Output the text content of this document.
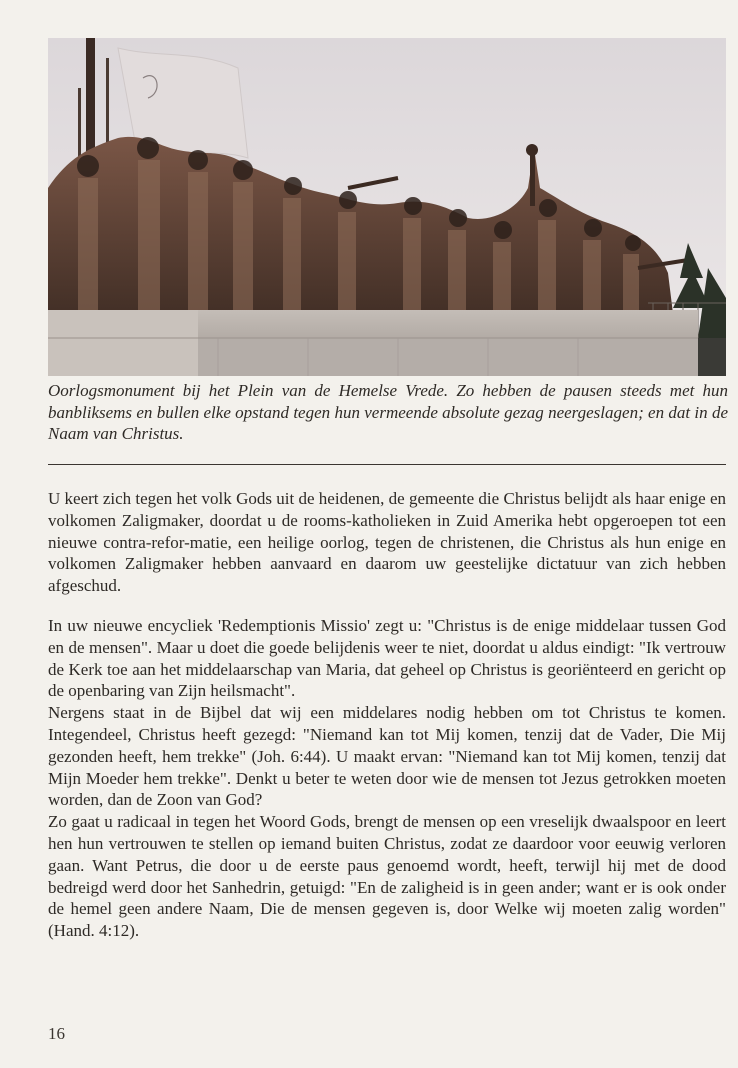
Oorlogsmonument bij het Plein van de Hemelse Vrede. Zo hebben de pausen steeds met hun banbliksems en bullen elke opstand tegen hun vermeende absolute gezag neergeslagen; en dat in de Naam van Christus.

U keert zich tegen het volk Gods uit de heidenen, de gemeente die Christus belijdt als haar enige en volkomen Zaligmaker, doordat u de rooms-katholieken in Zuid Amerika hebt opgeroepen tot een nieuwe contra-refor-matie, een heilige oorlog, tegen de christenen, die Christus als hun enige en volkomen Zaligmaker hebben aanvaard en daarom uw geestelijke dictatuur van zich hebben afgeschud.

In uw nieuwe encycliek 'Redemptionis Missio' zegt u: "Christus is de enige middelaar tussen God en de mensen". Maar u doet die goede belijdenis weer te niet, doordat u aldus eindigt: "Ik vertrouw de Kerk toe aan het middelaarschap van Maria, dat geheel op Christus is georiënteerd en gericht op de openbaring van Zijn heilsmacht".

Nergens staat in de Bijbel dat wij een middelares nodig hebben om tot Christus te komen. Integendeel, Christus heeft gezegd: "Niemand kan tot Mij komen, tenzij dat de Vader, Die Mij gezonden heeft, hem trekke" (Joh. 6:44). U maakt ervan: "Niemand kan tot Mij komen, tenzij dat Mijn Moeder hem trekke". Denkt u beter te weten door wie de mensen tot Jezus getrokken moeten worden, dan de Zoon van God?

Zo gaat u radicaal in tegen het Woord Gods, brengt de mensen op een vreselijk dwaalspoor en leert hen hun vertrouwen te stellen op iemand buiten Christus, zodat ze daardoor voor eeuwig verloren gaan. Want Petrus, die door u de eerste paus genoemd wordt, heeft, terwijl hij met de dood bedreigd werd door het Sanhedrin, getuigd: "En de zaligheid is in geen ander; want er is ook onder de hemel geen andere Naam, Die de mensen gegeven is, door Welke wij moeten zalig worden" (Hand. 4:12).

16
